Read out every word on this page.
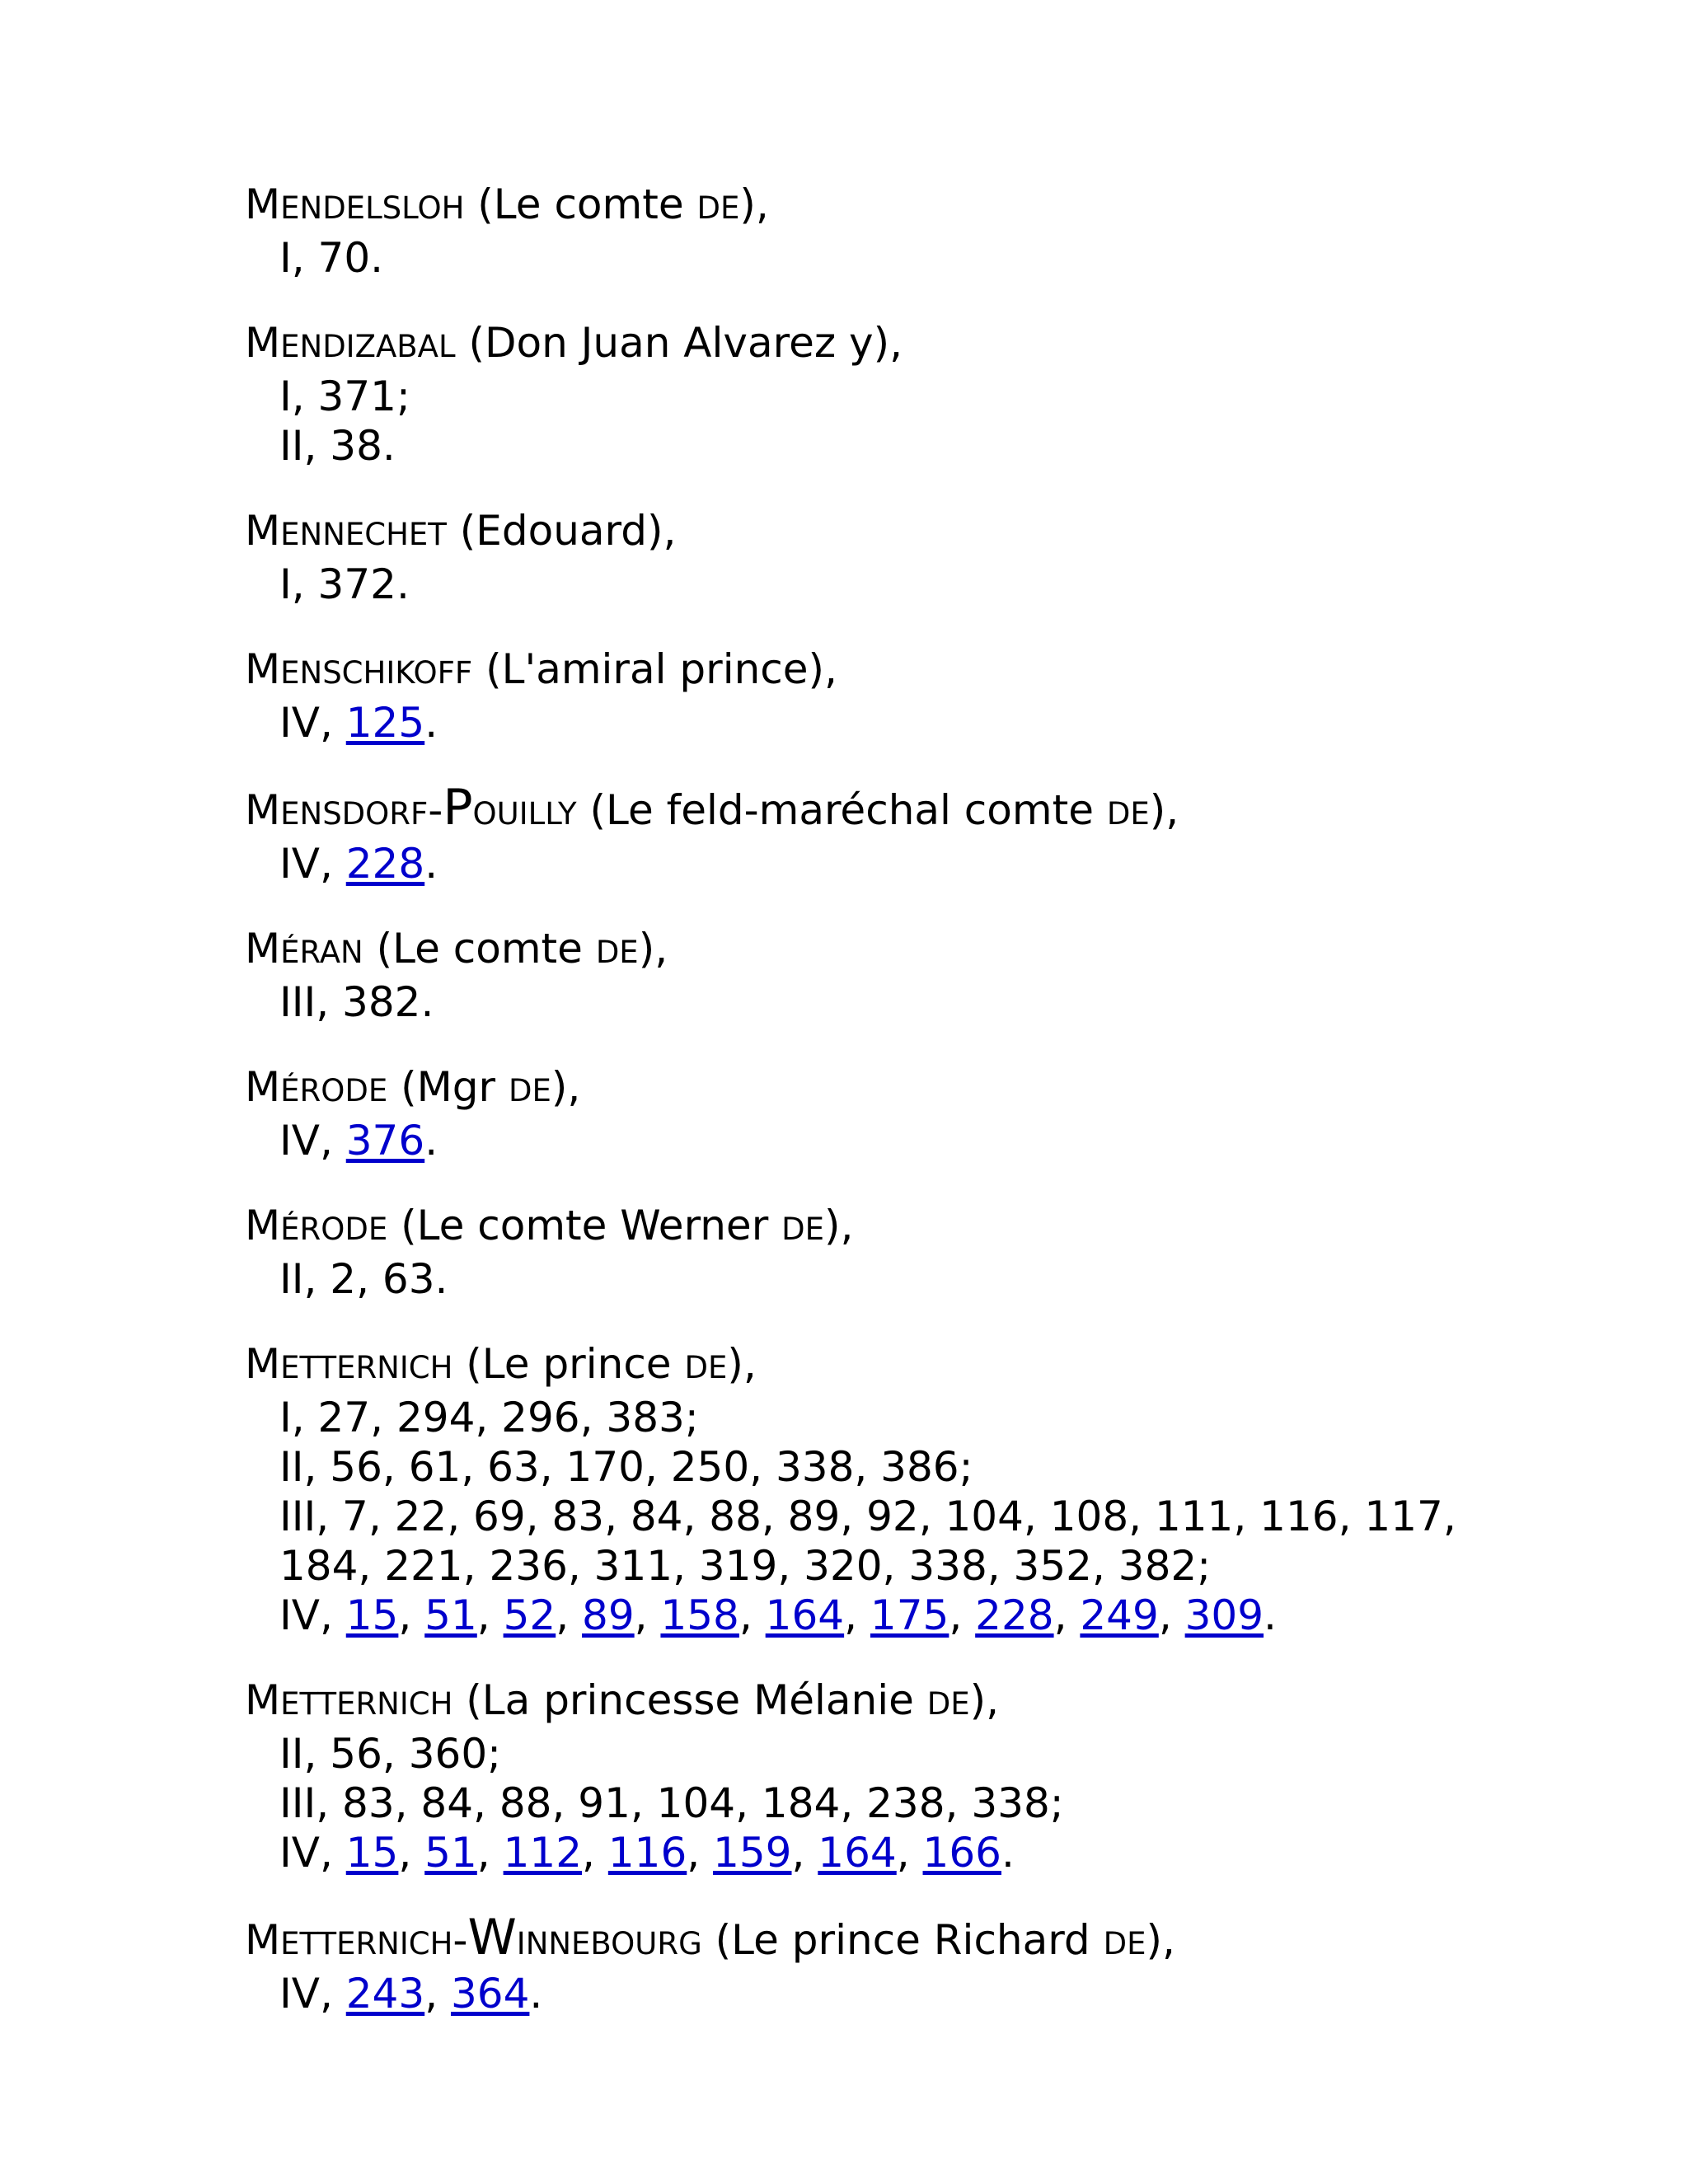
MENDELSLOH (Le comte DE),
I, 70.
MENDIZABAL (Don Juan Alvarez y),
I, 371;
II, 38.
MENNECHET (Edouard),
I, 372.
MENSCHIKOFF (L'amiral prince),
IV, 125.
MENSDORF-POUILLY (Le feld-maréchal comte DE),
IV, 228.
MÉRAN (Le comte DE),
III, 382.
MÉRODE (Mgr DE),
IV, 376.
MÉRODE (Le comte Werner DE),
II, 2, 63.
METTERNICH (Le prince DE),
I, 27, 294, 296, 383;
II, 56, 61, 63, 170, 250, 338, 386;
III, 7, 22, 69, 83, 84, 88, 89, 92, 104, 108, 111, 116, 117,
184, 221, 236, 311, 319, 320, 338, 352, 382;
IV, 15, 51, 52, 89, 158, 164, 175, 228, 249, 309.
METTERNICH (La princesse Mélanie DE),
II, 56, 360;
III, 83, 84, 88, 91, 104, 184, 238, 338;
IV, 15, 51, 112, 116, 159, 164, 166.
METTERNICH-WINNEBOURG (Le prince Richard DE),
IV, 243, 364.
